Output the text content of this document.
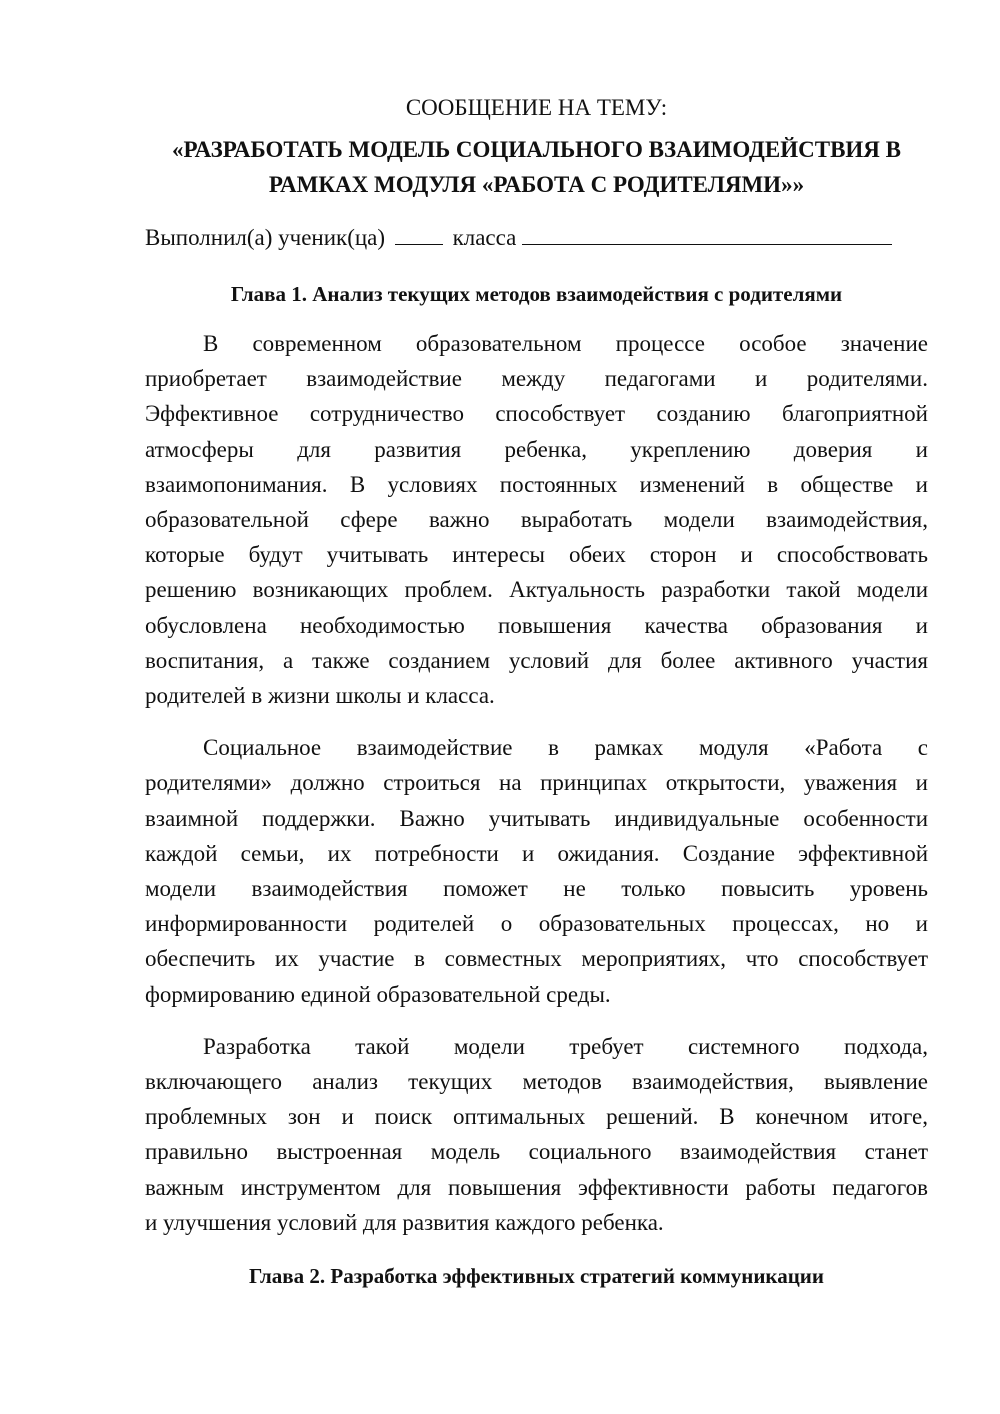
СООБЩЕНИЕ НА ТЕМУ:

«РАЗРАБОТАТЬ МОДЕЛЬ СОЦИАЛЬНОГО ВЗАИМОДЕЙСТВИЯ В
РАМКАХ МОДУЛЯ «РАБОТА С РОДИТЕЛЯМИ»»

Выполнил(а) ученик(ца)	класса

Глава 1. Анализ текущих методов взаимодействия с родителями

В современном образовательном процессе особое значение
приобретает взаимодействие между педагогами и родителями.
Эффективное сотрудничество способствует созданию благоприятной
атмосферы для развития ребенка, укреплению доверия и
взаимопонимания. В условиях постоянных изменений в обществе и
образовательной сфере важно выработать модели взаимодействия,
которые будут учитывать интересы обеих сторон и способствовать
решению возникающих проблем. Актуальность разработки такой модели
обусловлена необходимостью повышения качества образования и
воспитания, а также созданием условий для более активного участия
родителей в жизни школы и класса.

Социальное взаимодействие в рамках модуля «Работа с
родителями» должно строиться на принципах открытости, уважения и
взаимной поддержки. Важно учитывать индивидуальные особенности
каждой семьи, их потребности и ожидания. Создание эффективной
модели взаимодействия поможет не только повысить уровень
информированности родителей о образовательных процессах, но и
обеспечить их участие в совместных мероприятиях, что способствует
формированию единой образовательной среды.

Разработка такой модели требует системного подхода,
включающего анализ текущих методов взаимодействия, выявление
проблемных зон и поиск оптимальных решений. В конечном итоге,
правильно выстроенная модель социального взаимодействия станет
важным инструментом для повышения эффективности работы педагогов
и улучшения условий для развития каждого ребенка.

Глава 2. Разработка эффективных стратегий коммуникации
